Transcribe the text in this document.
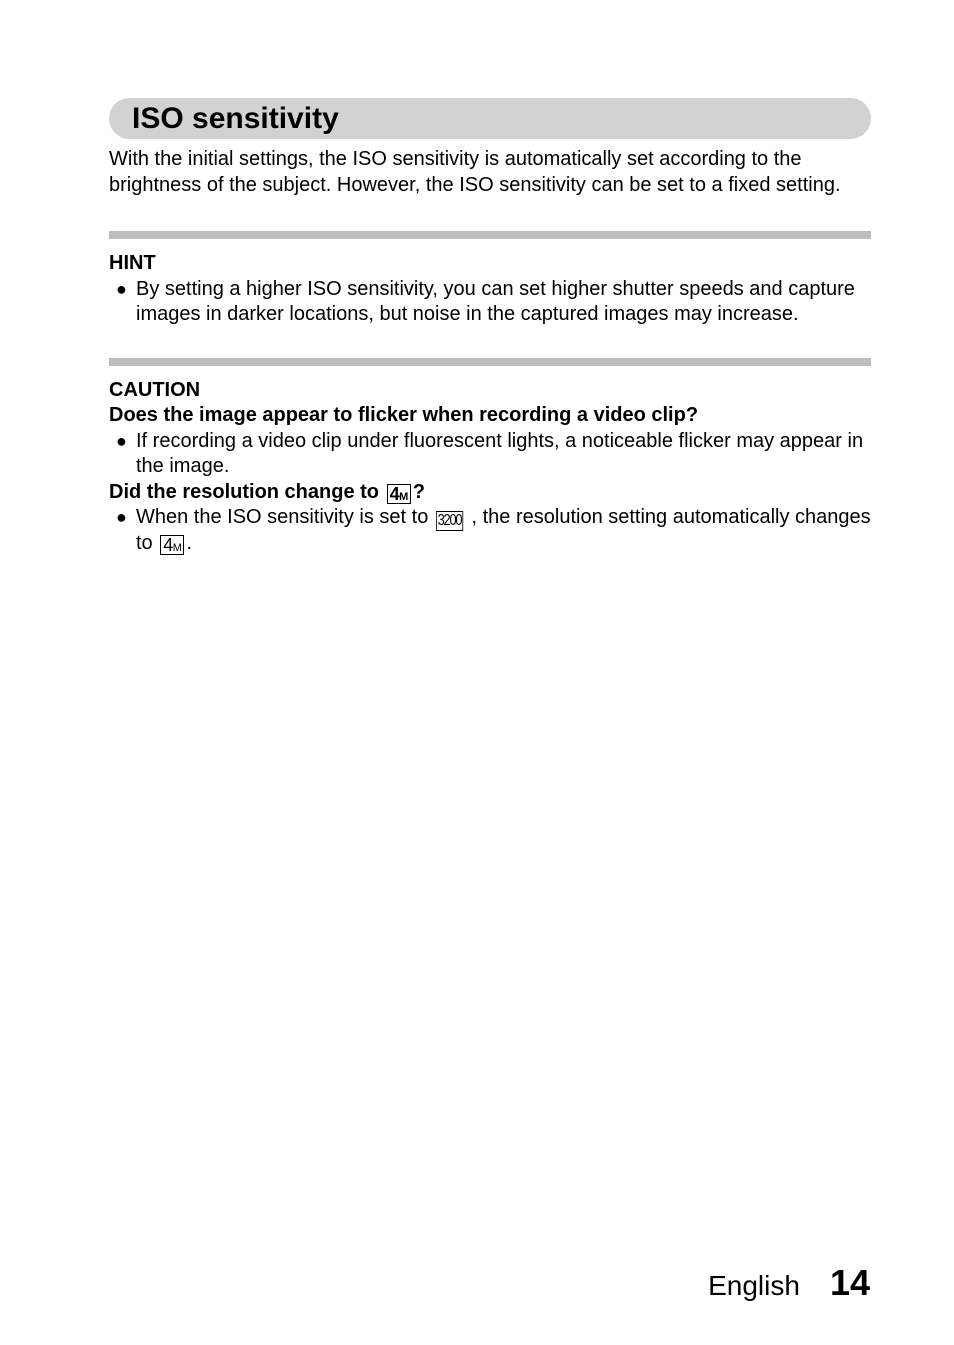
ISO sensitivity

With the initial settings, the ISO sensitivity is automatically set according to the brightness of the subject. However, the ISO sensitivity can be set to a fixed setting.

HINT
● By setting a higher ISO sensitivity, you can set higher shutter speeds and capture images in darker locations, but noise in the captured images may increase.
CAUTION
Does the image appear to flicker when recording a video clip?
● If recording a video clip under fluorescent lights, a noticeable flicker may appear in the image.
Did the resolution change to 4M ?
● When the ISO sensitivity is set to 3200 , the resolution setting automatically changes to 4M .
English 14
